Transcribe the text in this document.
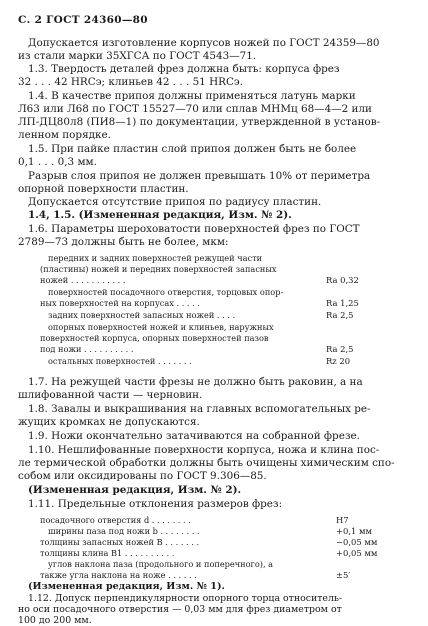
С. 2 ГОСТ 24360—80
Допускается изготовление корпусов ножей по ГОСТ 24359—80
из стали марки 35ХГСА по ГОСТ 4543—71.
1.3. Твердость деталей фрез должна быть: корпуса фрез
32 . . . 42 HRCэ; клиньев 42 . . . 51 HRCэ.
1.4. В качестве припоя должны применяться латунь марки
Л63 или Л68 по ГОСТ 15527—70 или сплав МНМц 68—4—2 или
ЛП-ДЦ80л8 (ПИ8—1) по документации, утвержденной в установ-
ленном порядке.
1.5. При пайке пластин слой припоя должен быть не более
0,1 . . . 0,3 мм.
Разрыв слоя припоя не должен превышать 10% от периметра
опорной поверхности пластин.
Допускается отсутствие припоя по радиусу пластин.
1.4, 1.5. (Измененная редакция, Изм. № 2).
1.6. Параметры шероховатости поверхностей фрез по ГОСТ
2789—73 должны быть не более, мкм:
передних и задних поверхностей режущей части
(пластины) ножей и передних поверхностей запасных
ножей . . . . . . . . . . .	Ra 0,32
поверхностей посадочного отверстия, торцовых опор-
ных поверхностей на корпусах . . . . .	Ra 1,25
задних поверхностей запасных ножей . . . .	Ra 2,5
опорных поверхностей ножей и клиньев, наружных
поверхностей корпуса, опорных поверхностей пазов
под ножи . . . . . . . . . .	Ra 2,5
остальных поверхностей . . . . . . .	Rz 20
1.7. На режущей части фрезы не должно быть раковин, а на
шлифованной части — черновин.
1.8. Завалы и выкрашивания на главных вспомогательных ре-
жущих кромках не допускаются.
1.9. Ножи окончательно затачиваются на собранной фрезе.
1.10. Нешлифованные поверхности корпуса, ножа и клина пос-
ле термической обработки должны быть очищены химическим спо-
собом или оксидированы по ГОСТ 9.306—85.
(Измененная редакция, Изм. № 2).
1.11. Предельные отклонения размеров фрез:
посадочного отверстия d . . . . . . . .	H7
ширины паза под ножи b . . . . . . . .	+0,1 мм
толщины запасных ножей B . . . . . . .	−0,05 мм
толщины клина B1 . . . . . . . . . .	+0,05 мм
углов наклона паза (продольного и поперечного), а
также угла наклона на ноже . . . . . .	±5′
(Измененная редакция, Изм. № 1).
1.12. Допуск перпендикулярности опорного торца относитель-
но оси посадочного отверстия — 0,03 мм для фрез диаметром от
100 до 200 мм.
